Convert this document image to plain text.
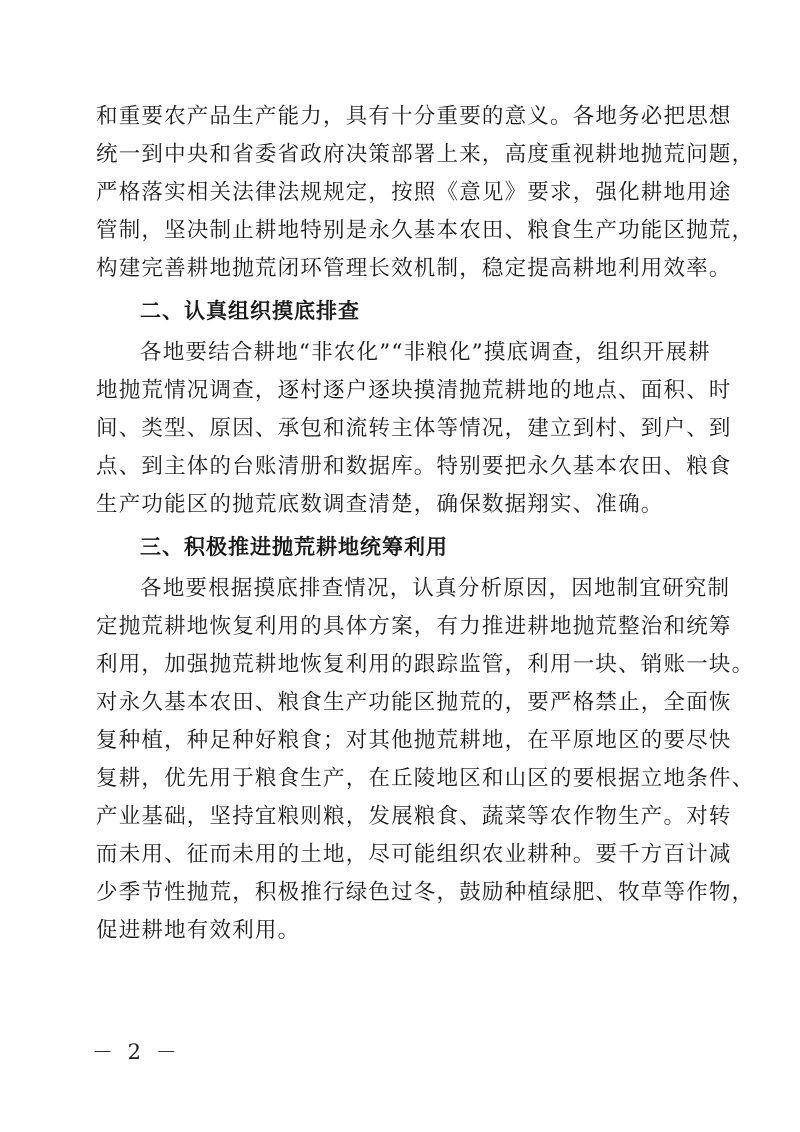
和重要农产品生产能力，具有十分重要的意义。各地务必把思想
统一到中央和省委省政府决策部署上来，高度重视耕地抛荒问题，
严格落实相关法律法规规定，按照《意见》要求，强化耕地用途
管制，坚决制止耕地特别是永久基本农田、粮食生产功能区抛荒，
构建完善耕地抛荒闭环管理长效机制，稳定提高耕地利用效率。
二、认真组织摸底排查
各地要结合耕地“非农化”“非粮化”摸底调查，组织开展耕
地抛荒情况调查，逐村逐户逐块摸清抛荒耕地的地点、面积、时
间、类型、原因、承包和流转主体等情况，建立到村、到户、到
点、到主体的台账清册和数据库。特别要把永久基本农田、粮食
生产功能区的抛荒底数调查清楚，确保数据翔实、准确。
三、积极推进抛荒耕地统筹利用
各地要根据摸底排查情况，认真分析原因，因地制宜研究制
定抛荒耕地恢复利用的具体方案，有力推进耕地抛荒整治和统筹
利用，加强抛荒耕地恢复利用的跟踪监管，利用一块、销账一块。
对永久基本农田、粮食生产功能区抛荒的，要严格禁止，全面恢
复种植，种足种好粮食；对其他抛荒耕地，在平原地区的要尽快
复耕，优先用于粮食生产，在丘陵地区和山区的要根据立地条件、
产业基础，坚持宜粮则粮，发展粮食、蔬菜等农作物生产。对转
而未用、征而未用的土地，尽可能组织农业耕种。要千方百计减
少季节性抛荒，积极推行绿色过冬，鼓励种植绿肥、牧草等作物，
促进耕地有效利用。
－ 2 －
